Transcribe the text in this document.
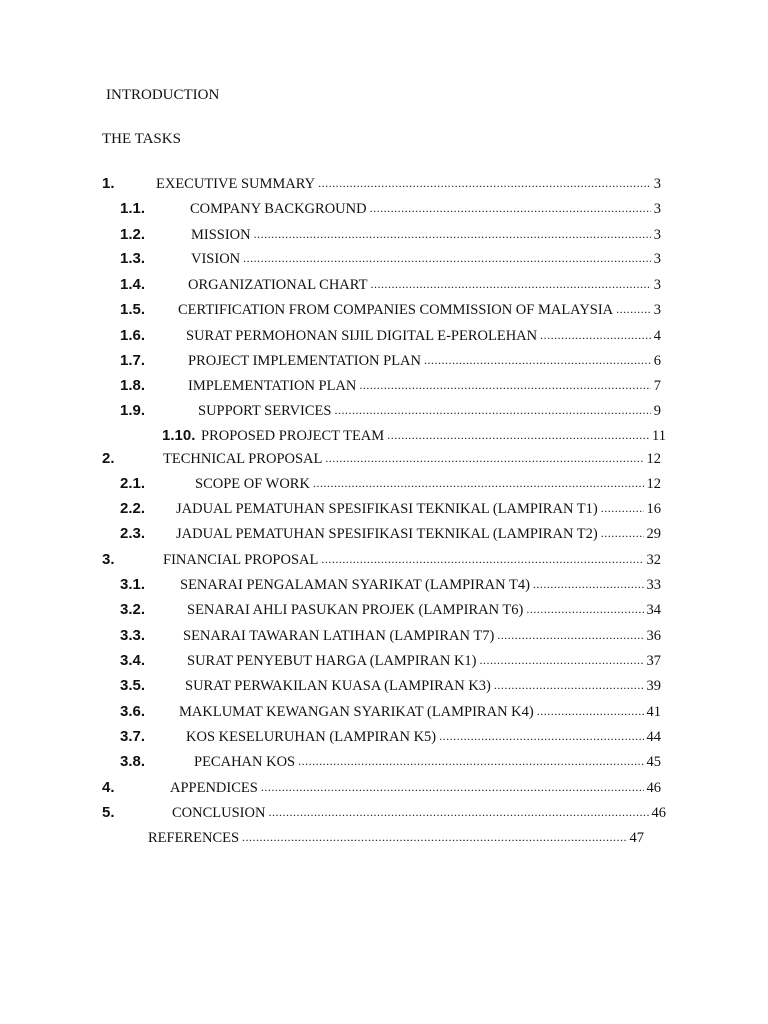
INTRODUCTION
THE TASKS
1.	EXECUTIVE SUMMARY .....	3
1.1.	COMPANY BACKGROUND .....	3
1.2.	MISSION .....	3
1.3.	VISION .....	3
1.4.	ORGANIZATIONAL CHART .....	3
1.5. CERTIFICATION FROM COMPANIES COMMISSION OF MALAYSIA .....	3
1.6.	SURAT PERMOHONAN SIJIL DIGITAL E-PEROLEHAN .....	4
1.7.	PROJECT IMPLEMENTATION PLAN .....	6
1.8.	IMPLEMENTATION PLAN .....	7
1.9.	SUPPORT SERVICES .....	9
1.10. PROPOSED PROJECT TEAM .....	11
2.	TECHNICAL PROPOSAL .....	12
2.1.	SCOPE OF WORK .....	12
2.2. JADUAL PEMATUHAN SPESIFIKASI TEKNIKAL (LAMPIRAN T1) .....	16
2.3. JADUAL PEMATUHAN SPESIFIKASI TEKNIKAL (LAMPIRAN T2) .....	29
3.	FINANCIAL PROPOSAL .....	32
3.1. SENARAI PENGALAMAN SYARIKAT (LAMPIRAN T4) .....	33
3.2.	SENARAI AHLI PASUKAN PROJEK (LAMPIRAN T6) .....	34
3.3.	SENARAI TAWARAN LATIHAN (LAMPIRAN T7) .....	36
3.4.	SURAT PENYEBUT HARGA (LAMPIRAN K1) .....	37
3.5.	SURAT PERWAKILAN KUASA (LAMPIRAN K3) .....	39
3.6. MAKLUMAT KEWANGAN SYARIKAT (LAMPIRAN K4) .....	41
3.7.	KOS KESELURUHAN (LAMPIRAN K5) .....	44
3.8.	PECAHAN KOS .....	45
4.	APPENDICES .....	46
5.	CONCLUSION .....	46
REFERENCES .....	47
